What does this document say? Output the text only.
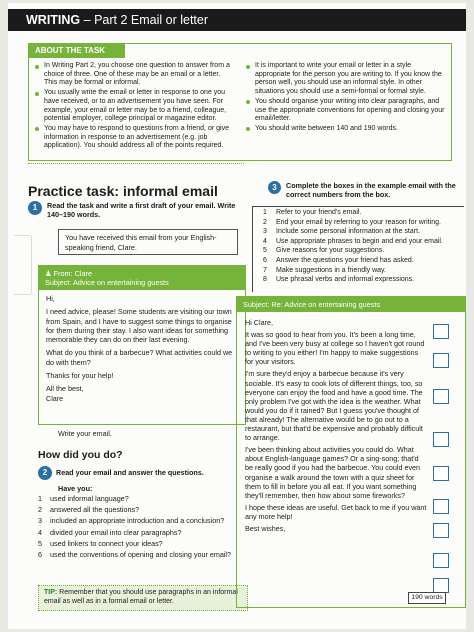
WRITING – Part 2 Email or letter
ABOUT THE TASK
In Writing Part 2, you choose one question to answer from a choice of three. One of these may be an email or a letter. This may be formal or informal.
You usually write the email or letter in response to one you have received, or to an advertisement you have seen. For example, your email or letter may be to a friend, colleague, potential employer, college principal or magazine editor.
You may have to respond to questions from a friend, or give information in response to an advertisement (e.g. job application). You should address all of the points required.
It is important to write your email or letter in a style appropriate for the person you are writing to. If you know the person well, you should use an informal style. In other situations you should use a semi-formal or formal style.
You should organise your writing into clear paragraphs, and use the appropriate conventions for opening and closing your email/letter.
You should write between 140 and 190 words.
Practice task: informal email
1	Read the task and write a first draft of your email. Write 140–190 words.
You have received this email from your English-speaking friend, Clare.
♟ From: Clare
Subject: Advice on entertaining guests

Hi,

I need advice, please! Some students are visiting our town from Spain, and I have to suggest some things to organise for them during their stay. I also want ideas for something memorable they can do on their last evening.

What do you think of a barbecue? What activities could we do with them?

Thanks for your help!

All the best,

Clare

Write your email.
How did you do?
2	Read your email and answer the questions.
Have you:
1	used informal language?
2	answered all the questions?
3	included an appropriate introduction and a conclusion?
4	divided your email into clear paragraphs?
5	used linkers to connect your ideas?
6	used the conventions of opening and closing your email?
TIP: Remember that you should use paragraphs in an informal email as well as in a formal email or letter.
3	Complete the boxes in the example email with the correct numbers from the box.
1	Refer to your friend's email.
2	End your email by referring to your reason for writing.
3	Include some personal information at the start.
4	Use appropriate phrases to begin and end your email.
5	Give reasons for your suggestions.
6	Answer the questions your friend has asked.
7	Make suggestions in a friendly way.
8	Use phrasal verbs and informal expressions.
Subject: Re: Advice on entertaining guests

Hi Clare,

It was so good to hear from you. It's been a long time, and I've been very busy at college so I haven't got round to writing to you either! I'm happy to make suggestions for your visitors.

I'm sure they'd enjoy a barbecue because it's very sociable. It's easy to cook lots of different things, too, so everyone can enjoy the food and have a good time. The only problem I've got with the idea is the weather. What would you do if it rained? But I guess you've thought of that already! The alternative would be to go out to a restaurant, but that'd be expensive and probably difficult to arrange.

I've been thinking about activities you could do. What about English-language games? Or a sing-song; that'd be really good if you had the barbecue. You could even organise a walk around the town with a quiz sheet for them to fill in before you all eat. If you want something they'll remember, then how about some fireworks?

I hope these ideas are useful. Get back to me if you want any more help!

Best wishes,

190 words
